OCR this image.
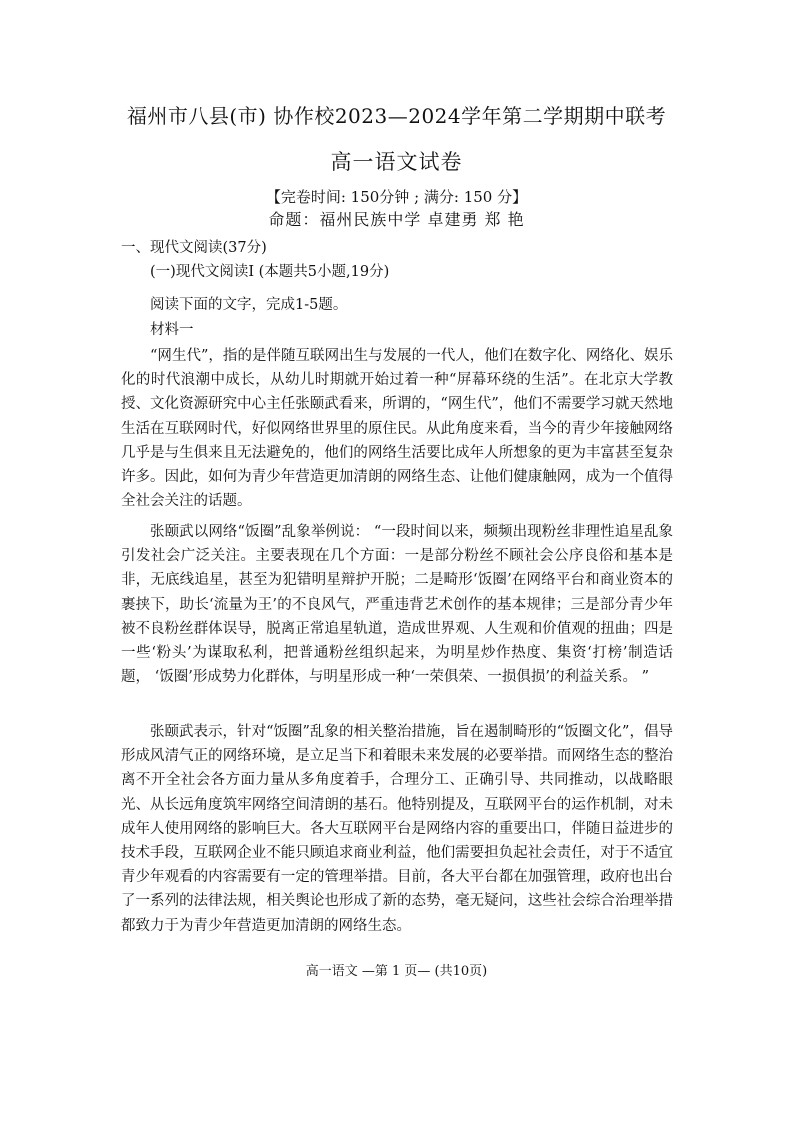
福州市八县(市) 协作校2023—2024学年第二学期期中联考
高一语文试卷
【完卷时间: 150分钟 ; 满分: 150 分】
命题：福州民族中学 卓建勇 郑 艳
一、现代文阅读(37分)
(一)现代文阅读Ⅰ (本题共5小题,19分)
阅读下面的文字，完成1-5题。
材料一

“网生代”，指的是伴随互联网出生与发展的一代人，他们在数字化、网络化、娱乐化的时代浪潮中成长，从幼儿时期就开始过着一种“屏幕环绕的生活”。在北京大学教授、文化资源研究中心主任张颐武看来，所谓的，“网生代”，他们不需要学习就天然地生活在互联网时代，好似网络世界里的原住民。从此角度来看，当今的青少年接触网络几乎是与生俱来且无法避免的，他们的网络生活要比成年人所想象的更为丰富甚至复杂许多。因此，如何为青少年营造更加清朗的网络生态、让他们健康触网，成为一个值得全社会关注的话题。

张颐武以网络“饭圈”乱象举例说： “一段时间以来，频频出现粉丝非理性追星乱象引发社会广泛关注。主要表现在几个方面：一是部分粉丝不顾社会公序良俗和基本是非，无底线追星，甚至为犯错明星辩护开脱；二是畸形‘饭圈’在网络平台和商业资本的裹挟下，助长‘流量为王’的不良风气，严重违背艺术创作的基本规律；三是部分青少年被不良粉丝群体误导，脱离正常追星轨道，造成世界观、人生观和价值观的扭曲；四是一些‘粉头’为谋取私利，把普通粉丝组织起来，为明星炒作热度、集资‘打榜’制造话题， ‘饭圈’形成势力化群体，与明星形成一种‘一荣俱荣、一损俱损’的利益关系。 ”

张颐武表示，针对“饭圈”乱象的相关整治措施，旨在遏制畸形的“饭圈文化”，倡导形成风清气正的网络环境，是立足当下和着眼未来发展的必要举措。而网络生态的整治离不开全社会各方面力量从多角度着手，合理分工、正确引导、共同推动，以战略眼光、从长远角度筑牢网络空间清朗的基石。他特别提及，互联网平台的运作机制，对未成年人使用网络的影响巨大。各大互联网平台是网络内容的重要出口，伴随日益进步的技术手段，互联网企业不能只顾追求商业利益，他们需要担负起社会责任，对于不适宜青少年观看的内容需要有一定的管理举措。目前，各大平台都在加强管理，政府也出台了一系列的法律法规，相关舆论也形成了新的态势，毫无疑问，这些社会综合治理举措都致力于为青少年营造更加清朗的网络生态。

高一语文 —第 1 页— (共10页)
